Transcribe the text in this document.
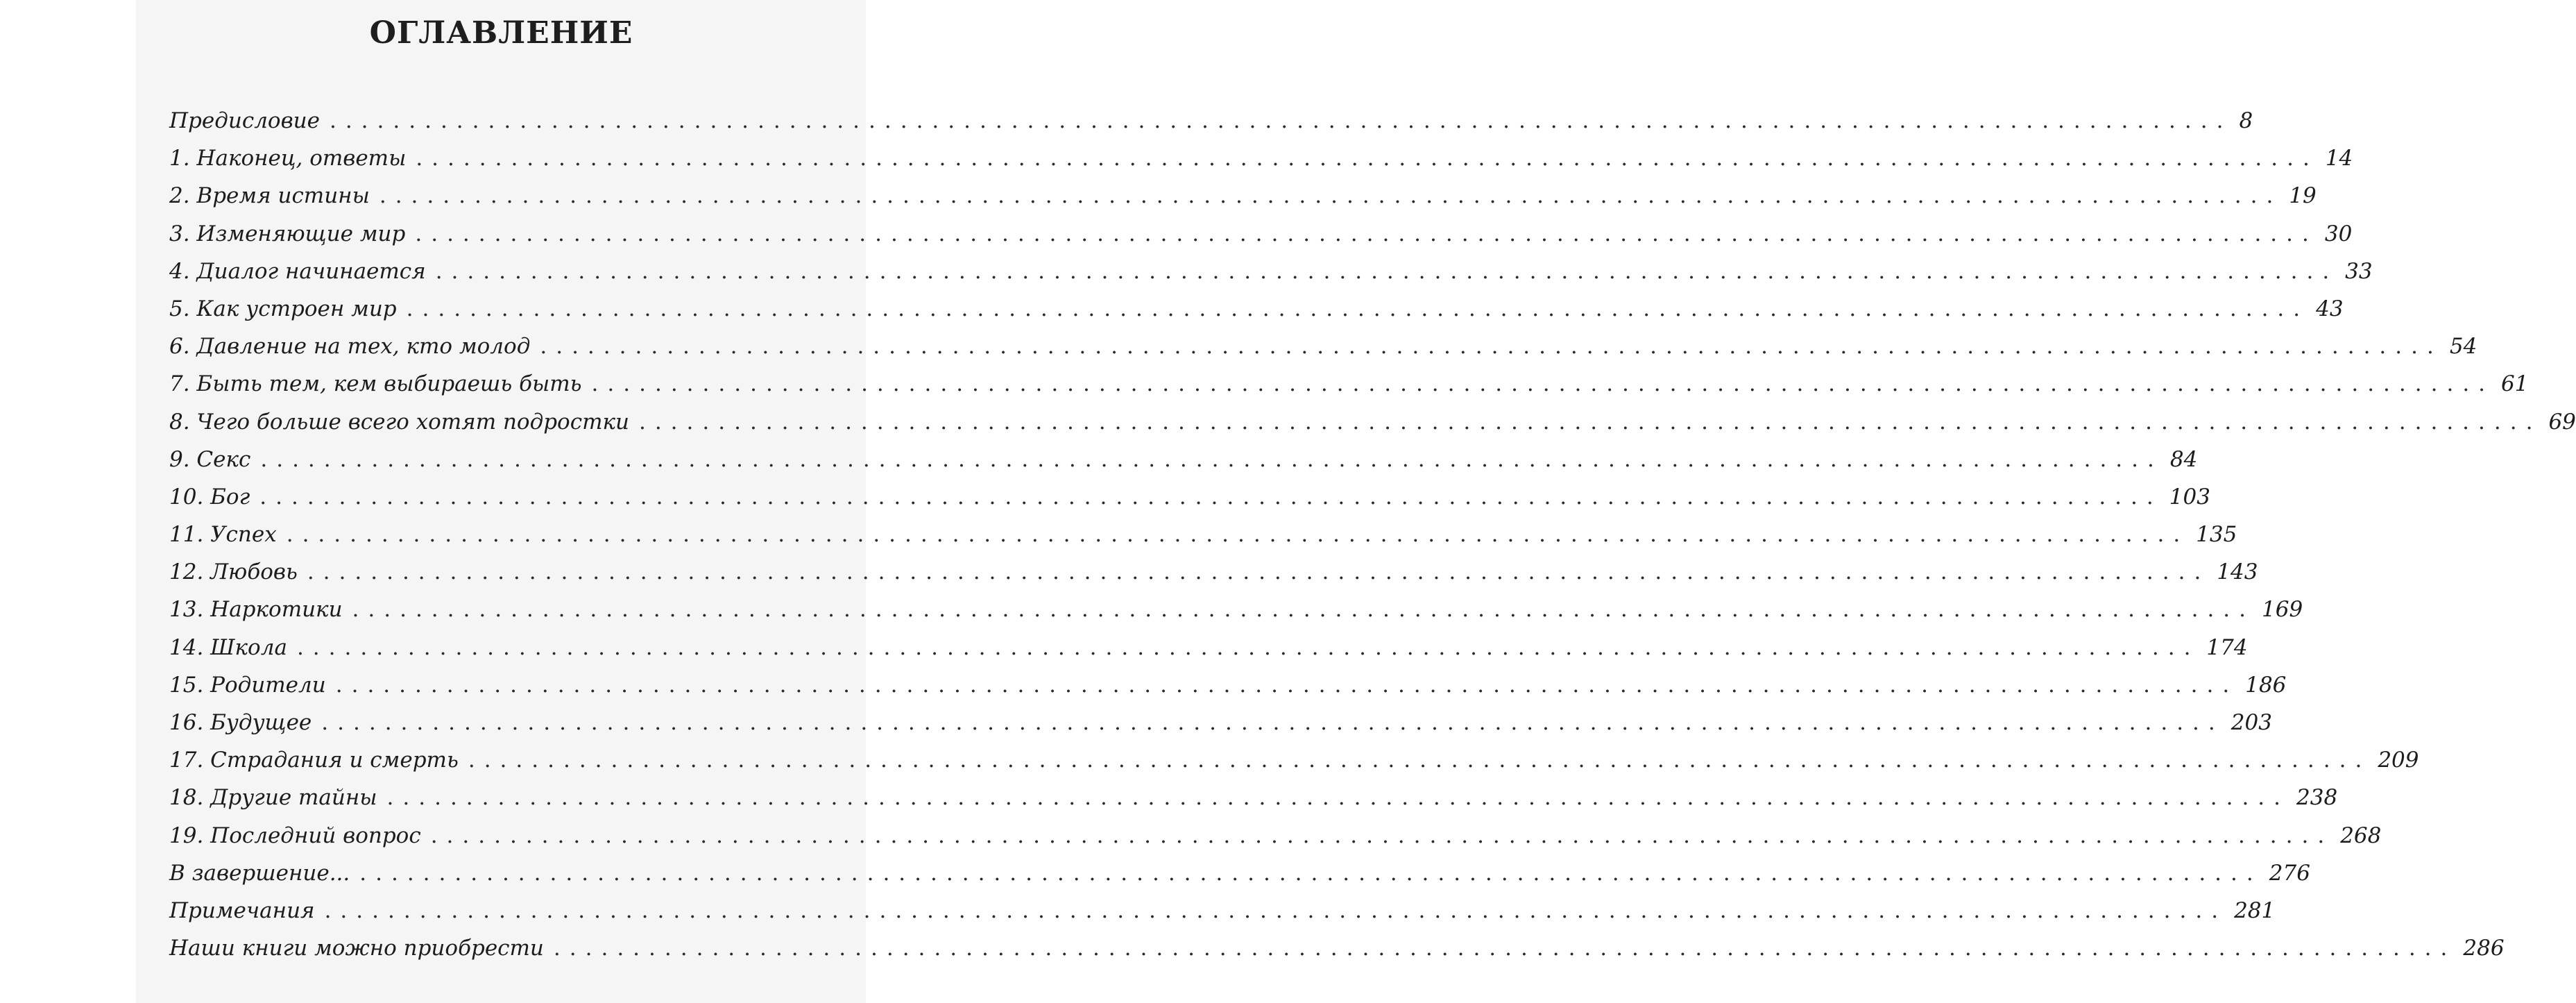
ОГЛАВЛЕНИЕ
Предисловие ........................................................................................................................ 8
1. Наконец, ответы ........................................................................................................................ 14
2. Время истины ........................................................................................................................ 19
3. Изменяющие мир ........................................................................................................................ 30
4. Диалог начинается ........................................................................................................................ 33
5. Как устроен мир ........................................................................................................................ 43
6. Давление на тех, кто молод ........................................................................................................................ 54
7. Быть тем, кем выбираешь быть ........................................................................................................................ 61
8. Чего больше всего хотят подростки ........................................................................................................................ 69
9. Секс ........................................................................................................................ 84
10. Бог ........................................................................................................................ 103
11. Успех ........................................................................................................................ 135
12. Любовь ........................................................................................................................ 143
13. Наркотики ........................................................................................................................ 169
14. Школа ........................................................................................................................ 174
15. Родители ........................................................................................................................ 186
16. Будущее ........................................................................................................................ 203
17. Страдания и смерть ........................................................................................................................ 209
18. Другие тайны ........................................................................................................................ 238
19. Последний вопрос ........................................................................................................................ 268
В завершение... ........................................................................................................................ 276
Примечания ........................................................................................................................ 281
Наши книги можно приобрести ........................................................................................................................ 286
